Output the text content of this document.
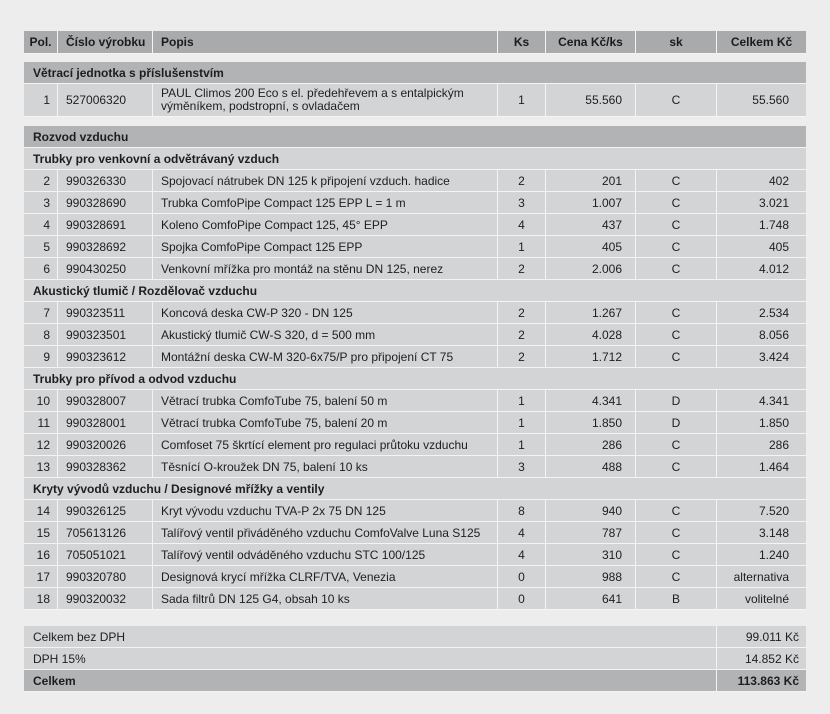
Pol.	Číslo výrobku	Popis	Ks	Cena Kč/ks	sk	Celkem Kč
Větrací jednotka s příslušenstvím
1	527006320	PAUL Climos 200 Eco s el. předehřevem a s entalpickým výměníkem, podstropní, s ovladačem	1	55.560	C	55.560
Rozvod vzduchu
Trubky pro venkovní a odvětrávaný vzduch
2	990326330	Spojovací nátrubek DN 125 k připojení vzduch. hadice	2	201	C	402
3	990328690	Trubka ComfoPipe Compact 125 EPP L = 1 m	3	1.007	C	3.021
4	990328691	Koleno ComfoPipe Compact 125, 45° EPP	4	437	C	1.748
5	990328692	Spojka ComfoPipe Compact 125 EPP	1	405	C	405
6	990430250	Venkovní mřížka pro montáž na stěnu DN 125, nerez	2	2.006	C	4.012
Akustický tlumič / Rozdělovač vzduchu
7	990323511	Koncová deska CW-P 320 - DN 125	2	1.267	C	2.534
8	990323501	Akustický tlumič CW-S 320, d = 500 mm	2	4.028	C	8.056
9	990323612	Montážní deska CW-M 320-6x75/P pro připojení CT 75	2	1.712	C	3.424
Trubky pro přívod a odvod vzduchu
10	990328007	Větrací trubka ComfoTube 75, balení 50 m	1	4.341	D	4.341
11	990328001	Větrací trubka ComfoTube 75, balení 20 m	1	1.850	D	1.850
12	990320026	Comfoset 75 škrtící element pro regulaci průtoku vzduchu	1	286	C	286
13	990328362	Těsnící O-kroužek DN 75, balení 10 ks	3	488	C	1.464
Kryty vývodů vzduchu / Designové mřížky a ventily
14	990326125	Kryt vývodu vzduchu TVA-P 2x 75 DN 125	8	940	C	7.520
15	705613126	Talířový ventil přiváděného vzduchu ComfoValve Luna S125	4	787	C	3.148
16	705051021	Talířový ventil odváděného vzduchu STC 100/125	4	310	C	1.240
17	990320780	Designová krycí mřížka CLRF/TVA, Venezia	0	988	C	alternativa
18	990320032	Sada filtrů DN 125 G4, obsah 10 ks	0	641	B	volitelné
Celkem bez DPH	99.011 Kč
DPH 15%	14.852 Kč
Celkem	113.863 Kč
